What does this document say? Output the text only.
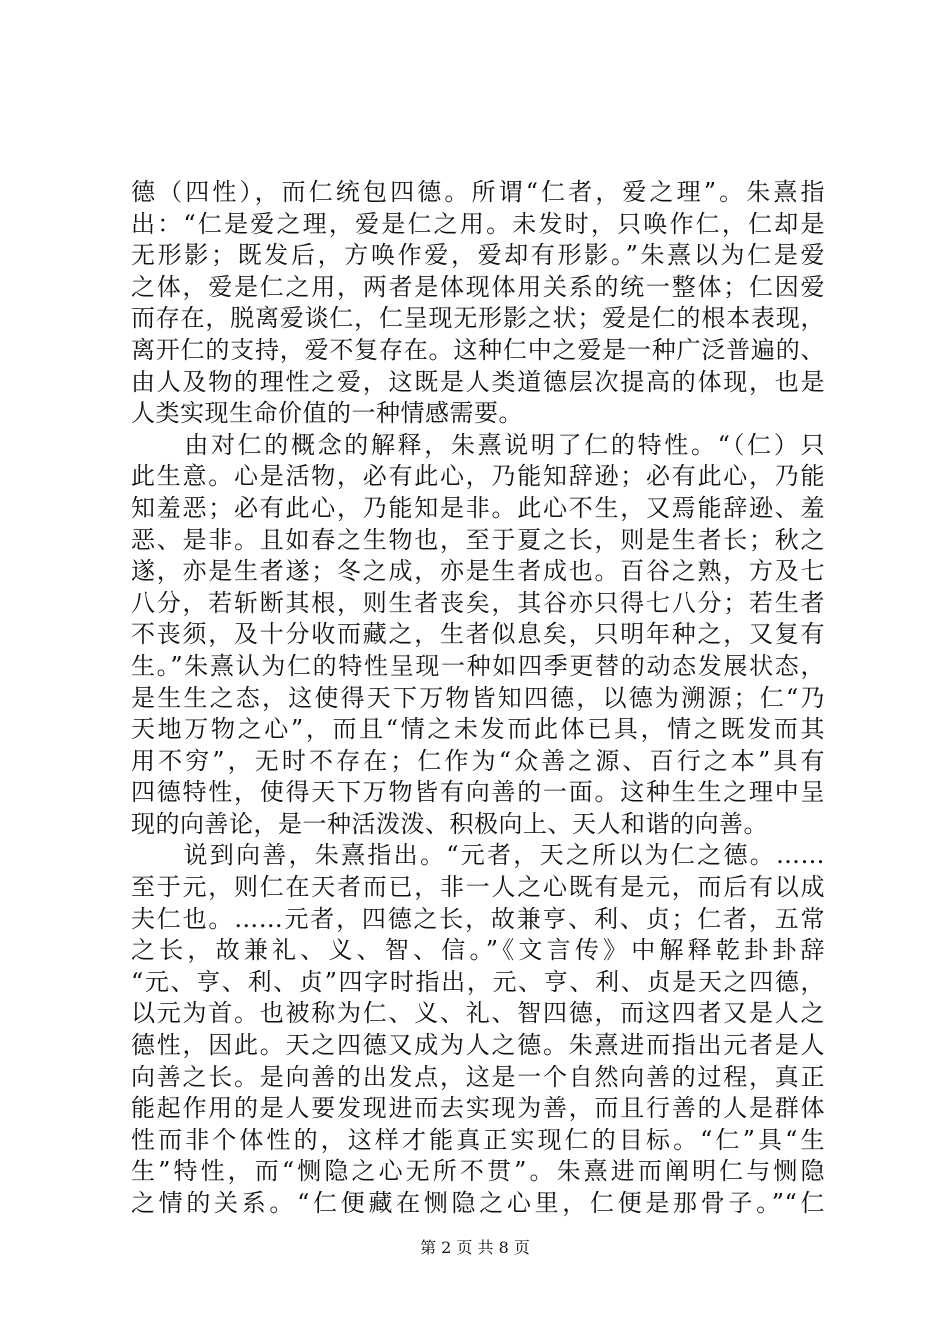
德（四性），而仁统包四德。所谓“仁者，爱之理”。朱熹指
出：“仁是爱之理，爱是仁之用。未发时，只唤作仁，仁却是
无形影；既发后，方唤作爱，爱却有形影。”朱熹以为仁是爱
之体，爱是仁之用，两者是体现体用关系的统一整体；仁因爱
而存在，脱离爱谈仁，仁呈现无形影之状；爱是仁的根本表现，
离开仁的支持，爱不复存在。这种仁中之爱是一种广泛普遍的、
由人及物的理性之爱，这既是人类道德层次提高的体现，也是
人类实现生命价值的一种情感需要。
　　由对仁的概念的解释，朱熹说明了仁的特性。“（仁）只
此生意。心是活物，必有此心，乃能知辞逊；必有此心，乃能
知羞恶；必有此心，乃能知是非。此心不生，又焉能辞逊、羞
恶、是非。且如春之生物也，至于夏之长，则是生者长；秋之
遂，亦是生者遂；冬之成，亦是生者成也。百谷之熟，方及七
八分，若斩断其根，则生者丧矣，其谷亦只得七八分；若生者
不丧须，及十分收而藏之，生者似息矣，只明年种之，又复有
生。”朱熹认为仁的特性呈现一种如四季更替的动态发展状态，
是生生之态，这使得天下万物皆知四德，以德为溯源；仁“乃
天地万物之心”，而且“情之未发而此体已具，情之既发而其
用不穷”，无时不存在；仁作为“众善之源、百行之本”具有
四德特性，使得天下万物皆有向善的一面。这种生生之理中呈
现的向善论，是一种活泼泼、积极向上、天人和谐的向善。
　　说到向善，朱熹指出。“元者，天之所以为仁之德。……
至于元，则仁在天者而已，非一人之心既有是元，而后有以成
夫仁也。……元者，四德之长，故兼亨、利、贞；仁者，五常
之长，故兼礼、义、智、信。”《文言传》中解释乾卦卦辞
“元、亨、利、贞”四字时指出，元、亨、利、贞是天之四德，
以元为首。也被称为仁、义、礼、智四德，而这四者又是人之
德性，因此。天之四德又成为人之德。朱熹进而指出元者是人
向善之长。是向善的出发点，这是一个自然向善的过程，真正
能起作用的是人要发现进而去实现为善，而且行善的人是群体
性而非个体性的，这样才能真正实现仁的目标。“仁”具“生
生”特性，而“恻隐之心无所不贯”。朱熹进而阐明仁与恻隐
之情的关系。“仁便藏在恻隐之心里，仁便是那骨子。”“仁
第 2 页 共 8 页
